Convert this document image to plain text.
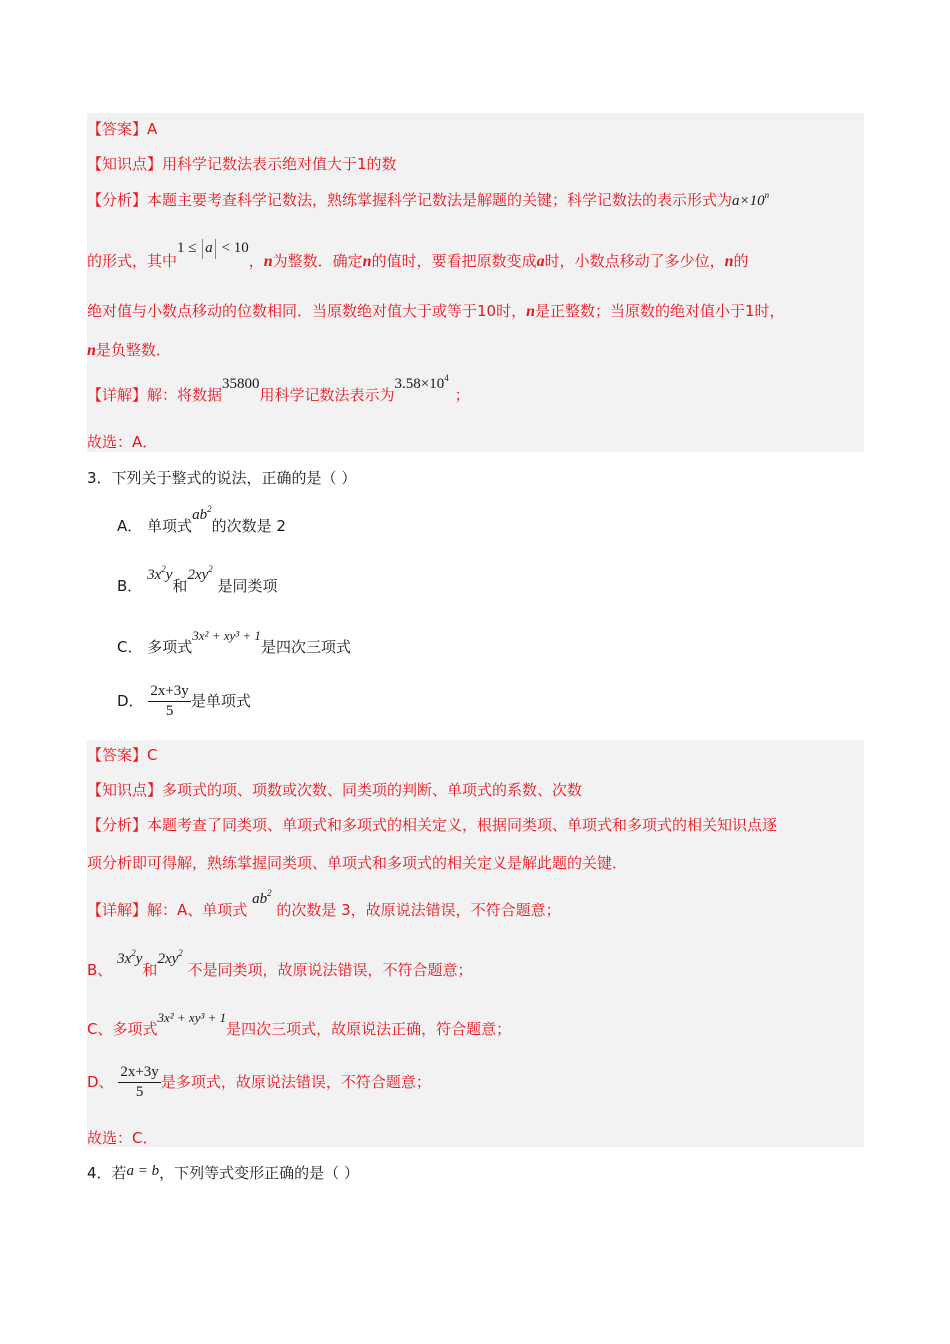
【答案】A
【知识点】用科学记数法表示绝对值大于1的数
【分析】本题主要考查科学记数法，熟练掌握科学记数法是解题的关键；科学记数法的表示形式为$a\times 10^n$
的形式，其中1 ≤ a < 10，n为整数．确定n的值时，要看把原数变成a时，小数点移动了多少位，n的
绝对值与小数点移动的位数相同．当原数绝对值大于或等于10时，n是正整数；当原数的绝对值小于1时，
n是负整数．
【详解】解：将数据35800用科学记数法表示为$3.58\times 10^4$；
故选：A．
3．下列关于整式的说法，正确的是（ ）
A． 单项式$ab^2$的次数是 2
B． $3x^2y$和$2xy^2$ 是同类项
C． 多项式3x² + xy³ + 1是四次三项式
D． $\frac{2x+3y}{5}$ 是单项式
【答案】C
【知识点】多项式的项、项数或次数、同类项的判断、单项式的系数、次数
【分析】本题考查了同类项、单项式和多项式的相关定义，根据同类项、单项式和多项式的相关知识点逐
项分析即可得解，熟练掌握同类项、单项式和多项式的相关定义是解此题的关键．
【详解】解：A、单项式 $ab^2$ 的次数是 3，故原说法错误，不符合题意；
B、 $3x^2y$和$2xy^2$ 不是同类项，故原说法错误，不符合题意；
C、多项式3x² + xy³ + 1是四次三项式，故原说法正确，符合题意；
D、 $\frac{2x+3y}{5}$ 是多项式，故原说法错误，不符合题意；
故选：C．
4．若a = b，下列等式变形正确的是（ ）
